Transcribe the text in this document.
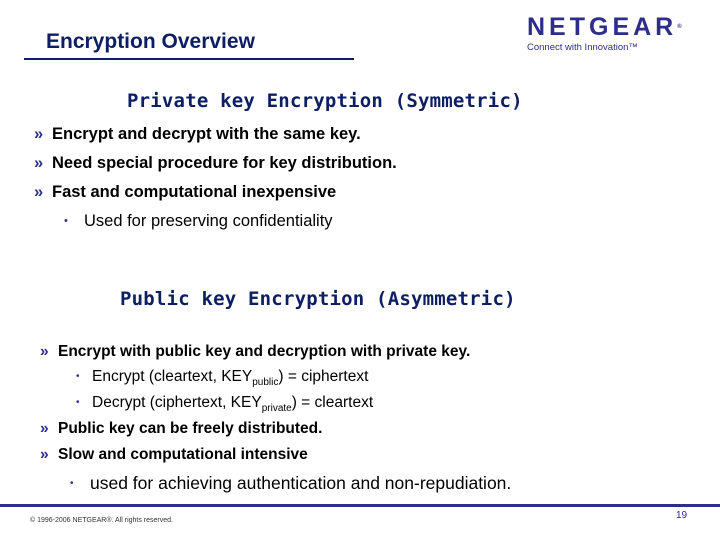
Encryption Overview
NETGEAR®
Connect with Innovation™
Private key Encryption (Symmetric)
» Encrypt and decrypt with the same key.
» Need special procedure for key distribution.
» Fast and computational inexpensive
• Used for preserving confidentiality
Public key Encryption (Asymmetric)
» Encrypt with public key and decryption with private key.
• Encrypt (cleartext, $KEY_{public}$) = ciphertext
• Decrypt (ciphertext, $KEY_{private}$) = cleartext
» Public key can be freely distributed.
» Slow and computational intensive
• used for achieving authentication and non-repudiation.
© 1996-2006 NETGEAR®. All rights reserved.	19
